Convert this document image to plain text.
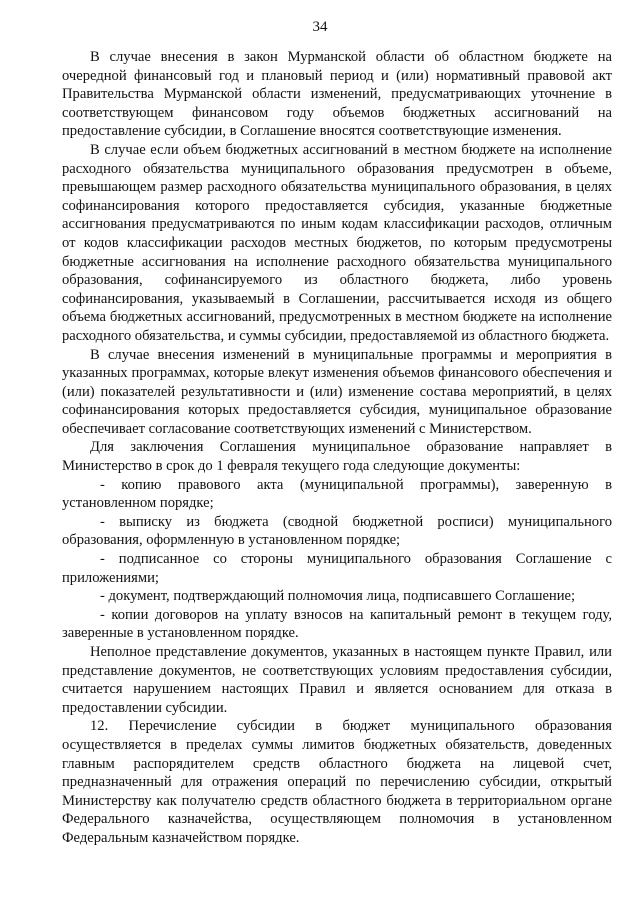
34

В случае внесения в закон Мурманской области об областном бюджете на очередной финансовый год и плановый период и (или) нормативный правовой акт Правительства Мурманской области изменений, предусматривающих уточнение в соответствующем финансовом году объемов бюджетных ассигнований на предоставление субсидии, в Соглашение вносятся соответствующие изменения.

В случае если объем бюджетных ассигнований в местном бюджете на исполнение расходного обязательства муниципального образования предусмотрен в объеме, превышающем размер расходного обязательства муниципального образования, в целях софинансирования которого предоставляется субсидия, указанные бюджетные ассигнования предусматриваются по иным кодам классификации расходов, отличным от кодов классификации расходов местных бюджетов, по которым предусмотрены бюджетные ассигнования на исполнение расходного обязательства муниципального образования, софинансируемого из областного бюджета, либо уровень софинансирования, указываемый в Соглашении, рассчитывается исходя из общего объема бюджетных ассигнований, предусмотренных в местном бюджете на исполнение расходного обязательства, и суммы субсидии, предоставляемой из областного бюджета.

В случае внесения изменений в муниципальные программы и мероприятия в указанных программах, которые влекут изменения объемов финансового обеспечения и (или) показателей результативности и (или) изменение состава мероприятий, в целях софинансирования которых предоставляется субсидия, муниципальное образование обеспечивает согласование соответствующих изменений с Министерством.

Для заключения Соглашения муниципальное образование направляет в Министерство в срок до 1 февраля текущего года следующие документы:

- копию правового акта (муниципальной программы), заверенную в установленном порядке;

- выписку из бюджета (сводной бюджетной росписи) муниципального образования, оформленную в установленном порядке;

- подписанное со стороны муниципального образования Соглашение с приложениями;

- документ, подтверждающий полномочия лица, подписавшего Соглашение;

- копии договоров на уплату взносов на капитальный ремонт в текущем году, заверенные в установленном порядке.

Неполное представление документов, указанных в настоящем пункте Правил, или представление документов, не соответствующих условиям предоставления субсидии, считается нарушением настоящих Правил и является основанием для отказа в предоставлении субсидии.

12. Перечисление субсидии в бюджет муниципального образования осуществляется в пределах суммы лимитов бюджетных обязательств, доведенных главным распорядителем средств областного бюджета на лицевой счет, предназначенный для отражения операций по перечислению субсидии, открытый Министерству как получателю средств областного бюджета в территориальном органе Федерального казначейства, осуществляющем полномочия в установленном Федеральным казначейством порядке.
